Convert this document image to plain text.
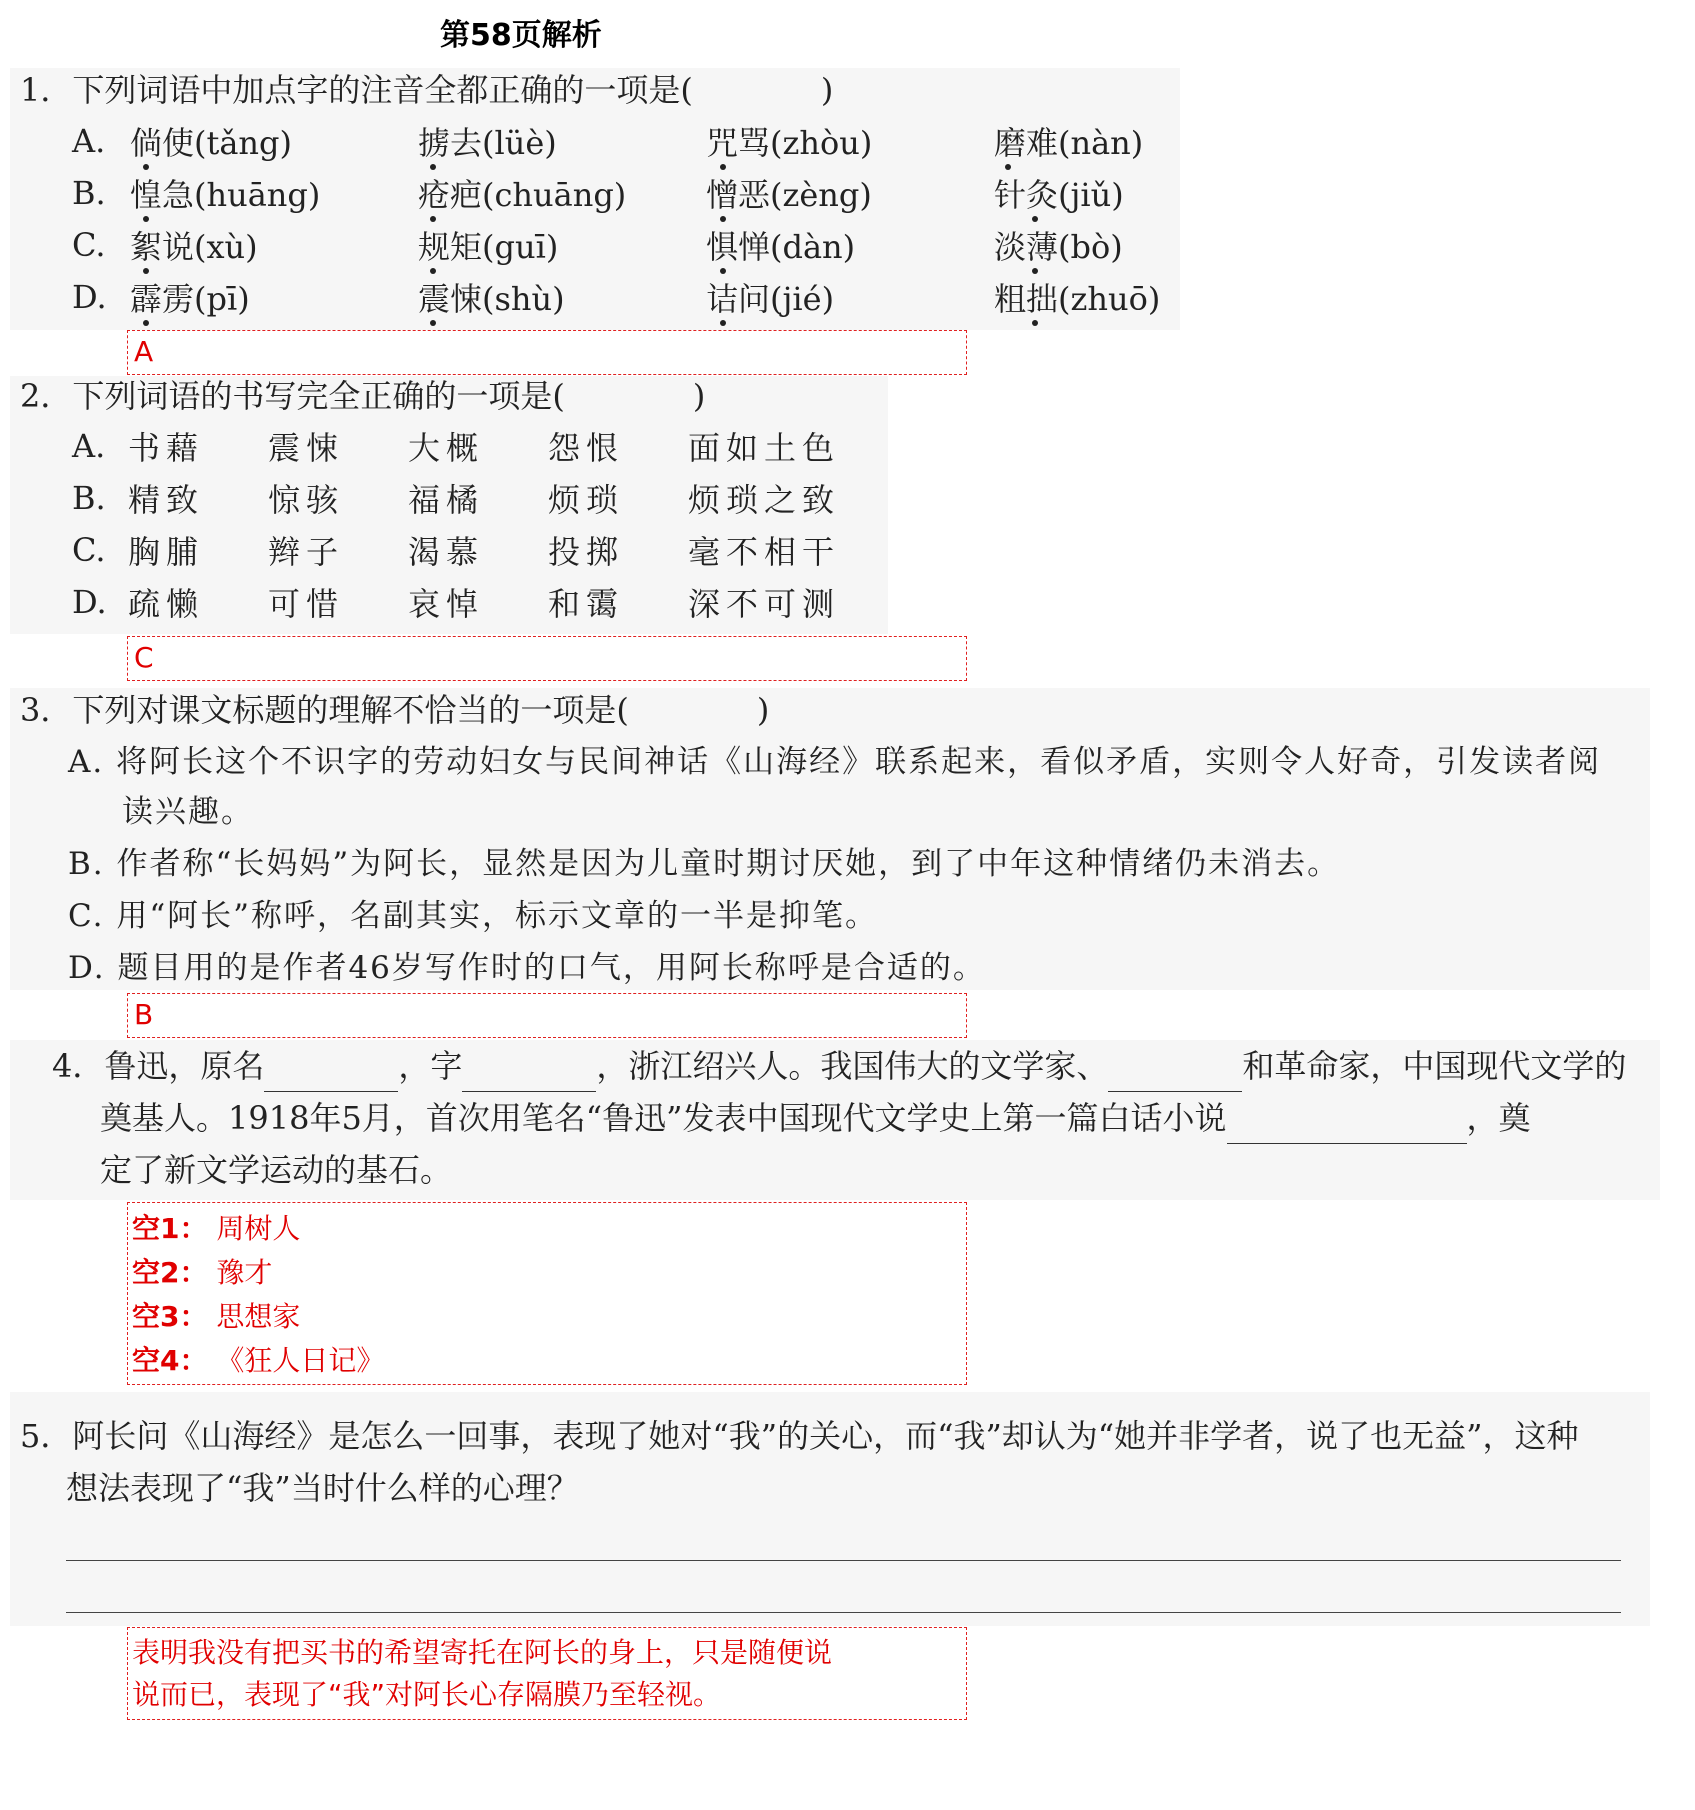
第58页解析
1．下列词语中加点字的注音全都正确的一项是(　　　　)
A. 倘使(tǎng)	掳去(lüè)	咒骂(zhòu)	磨难(nàn)
B. 惶急(huāng)	疮疤(chuāng)	憎恶(zèng)	针灸(jiǔ)
C. 絮说(xù)	规矩(guī)	惧惮(dàn)	淡薄(bò)
D. 霹雳(pī)	震悚(shù)	诘问(jié)	粗拙(zhuō)
A
2．下列词语的书写完全正确的一项是(　　　　)
A. 书藉	震悚	大概	怨恨	面如土色
B. 精致	惊骇	福橘	烦琐	烦琐之致
C. 胸脯	辫子	渴慕	投掷	毫不相干
D. 疏懒	可惜	哀悼	和霭	深不可测
C
3．下列对课文标题的理解不恰当的一项是(　　　　)
A. 将阿长这个不识字的劳动妇女与民间神话《山海经》联系起来，看似矛盾，实则令人好奇，引发读者阅
读兴趣。
B. 作者称“长妈妈”为阿长，显然是因为儿童时期讨厌她，到了中年这种情绪仍未消去。
C. 用“阿长”称呼，名副其实，标示文章的一半是抑笔。
D. 题目用的是作者46岁写作时的口气，用阿长称呼是合适的。
B
4．鲁迅，原名	，字	，浙江绍兴人。我国伟大的文学家、	和革命家，中国现代文学的
奠基人。1918年5月，首次用笔名“鲁迅”发表中国现代文学史上第一篇白话小说	，奠
定了新文学运动的基石。
空1： 周树人
空2： 豫才
空3： 思想家
空4： 《狂人日记》
5．阿长问《山海经》是怎么一回事，表现了她对“我”的关心，而“我”却认为“她并非学者，说了也无益”，这种
想法表现了“我”当时什么样的心理？
表明我没有把买书的希望寄托在阿长的身上，只是随便说
说而已，表现了“我”对阿长心存隔膜乃至轻视。
